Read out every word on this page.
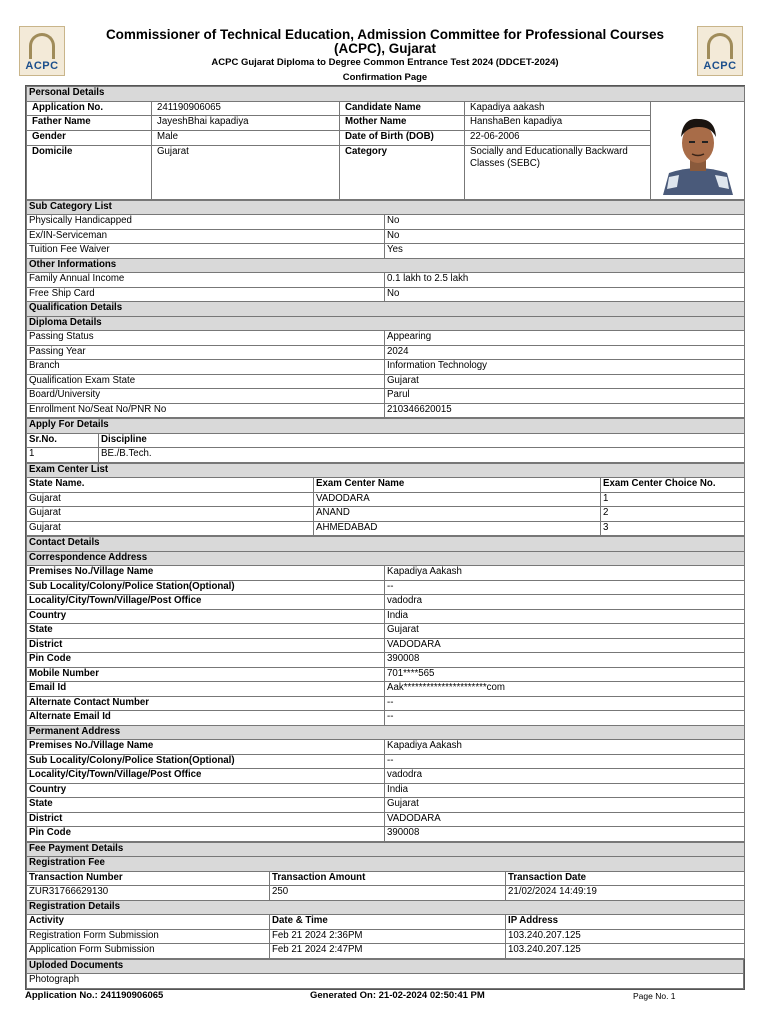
ACPC	ACPC
Commissioner of Technical Education, Admission Committee for Professional Courses (ACPC), Gujarat
ACPC Gujarat Diploma to Degree Common Entrance Test 2024 (DDCET-2024)
Confirmation Page
Personal Details				
Application No.	241190906065	Candidate Name	Kapadiya aakash	
Father Name	JayeshBhai kapadiya	Mother Name	HanshaBen kapadiya	
Gender	Male	Date of Birth (DOB)	22-06-2006	
Domicile	Gujarat	Category	Socially and Educationally Backward Classes (SEBC)	
Sub Category List	
Physically Handicapped	No
Ex/IN-Serviceman	No
Tuition Fee Waiver	Yes
Other Informations	
Family Annual Income	0.1 lakh to 2.5 lakh
Free Ship Card	No
Qualification Details	
Diploma Details	
Passing Status	Appearing
Passing Year	2024
Branch	Information Technology
Qualification Exam State	Gujarat
Board/University	Parul
Enrollment No/Seat No/PNR No	210346620015
Apply For Details	
Sr.No.	Discipline
1	BE./B.Tech.
Exam Center List		
State Name.	Exam Center Name	Exam Center Choice No.
Gujarat	VADODARA	1
Gujarat	ANAND	2
Gujarat	AHMEDABAD	3
Contact Details	
Correspondence Address	
Premises No./Village Name	Kapadiya Aakash
Sub Locality/Colony/Police Station(Optional)	--
Locality/City/Town/Village/Post Office	vadodra
Country	India
State	Gujarat
District	VADODARA
Pin Code	390008
Mobile Number	701****565
Email Id	Aak**********************com
Alternate Contact Number	--
Alternate Email Id	--
Permanent Address	
Premises No./Village Name	Kapadiya Aakash
Sub Locality/Colony/Police Station(Optional)	--
Locality/City/Town/Village/Post Office	vadodra
Country	India
State	Gujarat
District	VADODARA
Pin Code	390008
Fee Payment Details		
Registration Fee		
Transaction Number	Transaction Amount	Transaction Date
ZUR31766629130	250	21/02/2024 14:49:19
Registration Details		
Activity	Date & Time	IP Address
Registration Form Submission	Feb 21 2024 2:36PM	103.240.207.125
Application Form Submission	Feb 21 2024 2:47PM	103.240.207.125
Uploded Documents
Photograph
Application No.: 241190906065	Generated On: 21-02-2024 02:50:41 PM	Page No. 1
